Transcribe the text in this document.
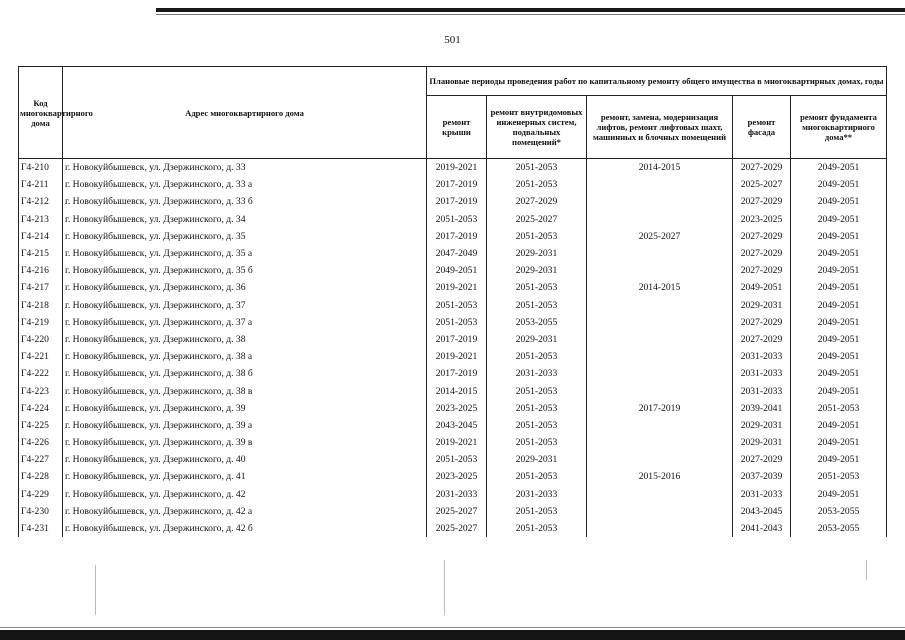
501
Код многоквартирного дома	Адрес многоквартирного дома	Плановые периоды проведения работ по капитальному ремонту общего имущества в многоквартирных домах, годы				
		ремонт крыши	ремонт внутридомовых инженерных систем, подвальных помещений*	ремонт, замена, модернизация лифтов, ремонт лифтовых шахт, машинных и блочных помещений	ремонт фасада	ремонт фундамента многоквартирного дома**
Г4-210	г. Новокуйбышевск, ул. Дзержинского, д. 33	2019-2021	2051-2053	2014-2015	2027-2029	2049-2051
Г4-211	г. Новокуйбышевск, ул. Дзержинского, д. 33 а	2017-2019	2051-2053		2025-2027	2049-2051
Г4-212	г. Новокуйбышевск, ул. Дзержинского, д. 33 б	2017-2019	2027-2029		2027-2029	2049-2051
Г4-213	г. Новокуйбышевск, ул. Дзержинского, д. 34	2051-2053	2025-2027		2023-2025	2049-2051
Г4-214	г. Новокуйбышевск, ул. Дзержинского, д. 35	2017-2019	2051-2053	2025-2027	2027-2029	2049-2051
Г4-215	г. Новокуйбышевск, ул. Дзержинского, д. 35 а	2047-2049	2029-2031		2027-2029	2049-2051
Г4-216	г. Новокуйбышевск, ул. Дзержинского, д. 35 б	2049-2051	2029-2031		2027-2029	2049-2051
Г4-217	г. Новокуйбышевск, ул. Дзержинского, д. 36	2019-2021	2051-2053	2014-2015	2049-2051	2049-2051
Г4-218	г. Новокуйбышевск, ул. Дзержинского, д. 37	2051-2053	2051-2053		2029-2031	2049-2051
Г4-219	г. Новокуйбышевск, ул. Дзержинского, д. 37 а	2051-2053	2053-2055		2027-2029	2049-2051
Г4-220	г. Новокуйбышевск, ул. Дзержинского, д. 38	2017-2019	2029-2031		2027-2029	2049-2051
Г4-221	г. Новокуйбышевск, ул. Дзержинского, д. 38 а	2019-2021	2051-2053		2031-2033	2049-2051
Г4-222	г. Новокуйбышевск, ул. Дзержинского, д. 38 б	2017-2019	2031-2033		2031-2033	2049-2051
Г4-223	г. Новокуйбышевск, ул. Дзержинского, д. 38 в	2014-2015	2051-2053		2031-2033	2049-2051
Г4-224	г. Новокуйбышевск, ул. Дзержинского, д. 39	2023-2025	2051-2053	2017-2019	2039-2041	2051-2053
Г4-225	г. Новокуйбышевск, ул. Дзержинского, д. 39 а	2043-2045	2051-2053		2029-2031	2049-2051
Г4-226	г. Новокуйбышевск, ул. Дзержинского, д. 39 в	2019-2021	2051-2053		2029-2031	2049-2051
Г4-227	г. Новокуйбышевск, ул. Дзержинского, д. 40	2051-2053	2029-2031		2027-2029	2049-2051
Г4-228	г. Новокуйбышевск, ул. Дзержинского, д. 41	2023-2025	2051-2053	2015-2016	2037-2039	2051-2053
Г4-229	г. Новокуйбышевск, ул. Дзержинского, д. 42	2031-2033	2031-2033		2031-2033	2049-2051
Г4-230	г. Новокуйбышевск, ул. Дзержинского, д. 42 а	2025-2027	2051-2053		2043-2045	2053-2055
Г4-231	г. Новокуйбышевск, ул. Дзержинского, д. 42 б	2025-2027	2051-2053		2041-2043	2053-2055
